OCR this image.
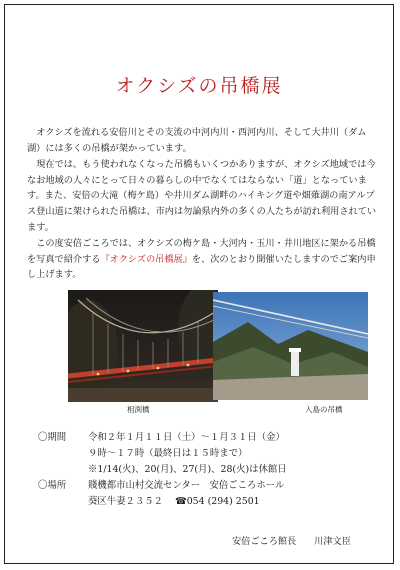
オクシズの吊橋展

オクシズを流れる安倍川とその支流の中河内川・西河内川、そして大井川（ダム湖）には多くの吊橋が架かっています。

現在では、もう使われなくなった吊橋もいくつかありますが、オクシズ地域では今なお地域の人々にとって日々の暮らしの中でなくてはならない「道」となっています。また、安倍の大滝（梅ケ島）や井川ダム湖畔のハイキング道や畑薙湖の南アルプス登山道に架けられた吊橋は、市内は勿論県内外の多くの人たちが訪れ利用されています。

この度安倍ごころでは、オクシズの梅ケ島・大河内・玉川・井川地区に架かる吊橋を写真で紹介する『オクシズの吊橋展』を、次のとおり開催いたしますのでご案内申し上げます。

相渕橋	入島の吊橋
〇期間	令和２年１月１１日（土）～１月３１日（金）
９時～１７時（最終日は１５時まで）
※1/14(火)、20(月)、27(月)、28(火)は休館日
〇場所	賤機都市山村交流センター　安倍ごころホール
葵区牛妻２３５２ ☎ 054 (294) 2501
安倍ごころ館長 川津文臣
